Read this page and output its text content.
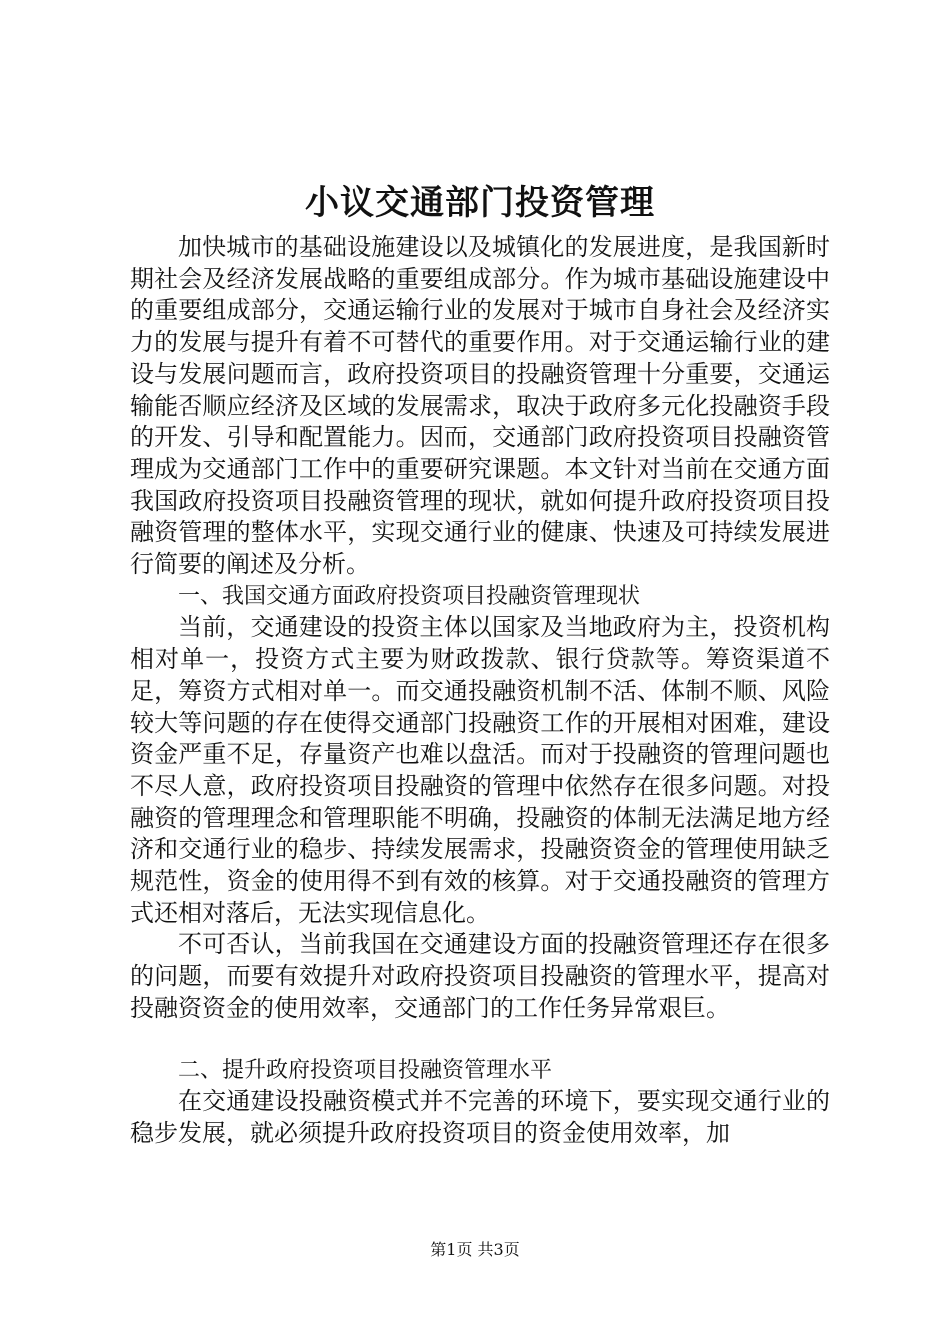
小议交通部门投资管理

加快城市的基础设施建设以及城镇化的发展进度，是我国新时期社会及经济发展战略的重要组成部分。作为城市基础设施建设中的重要组成部分，交通运输行业的发展对于城市自身社会及经济实力的发展与提升有着不可替代的重要作用。对于交通运输行业的建设与发展问题而言，政府投资项目的投融资管理十分重要，交通运输能否顺应经济及区域的发展需求，取决于政府多元化投融资手段的开发、引导和配置能力。因而，交通部门政府投资项目投融资管理成为交通部门工作中的重要研究课题。本文针对当前在交通方面我国政府投资项目投融资管理的现状，就如何提升政府投资项目投融资管理的整体水平，实现交通行业的健康、快速及可持续发展进行简要的阐述及分析。

一、我国交通方面政府投资项目投融资管理现状

当前，交通建设的投资主体以国家及当地政府为主，投资机构相对单一，投资方式主要为财政拨款、银行贷款等。筹资渠道不足，筹资方式相对单一。而交通投融资机制不活、体制不顺、风险较大等问题的存在使得交通部门投融资工作的开展相对困难，建设资金严重不足，存量资产也难以盘活。而对于投融资的管理问题也不尽人意，政府投资项目投融资的管理中依然存在很多问题。对投融资的管理理念和管理职能不明确，投融资的体制无法满足地方经济和交通行业的稳步、持续发展需求，投融资资金的管理使用缺乏规范性，资金的使用得不到有效的核算。对于交通投融资的管理方式还相对落后，无法实现信息化。

不可否认，当前我国在交通建设方面的投融资管理还存在很多的问题，而要有效提升对政府投资项目投融资的管理水平，提高对投融资资金的使用效率，交通部门的工作任务异常艰巨。

二、提升政府投资项目投融资管理水平

在交通建设投融资模式并不完善的环境下，要实现交通行业的稳步发展，就必须提升政府投资项目的资金使用效率，加

第1页 共3页
